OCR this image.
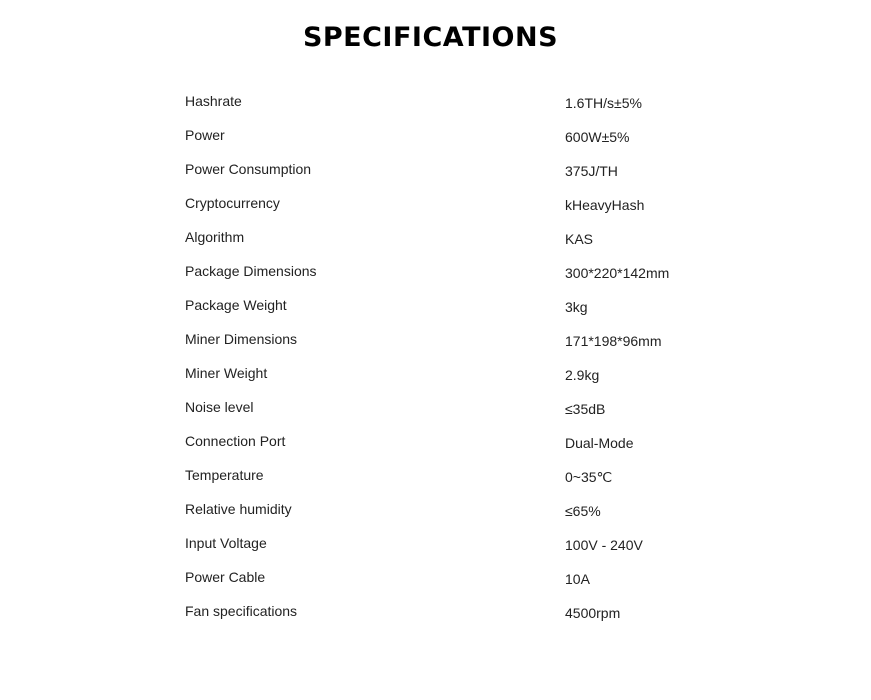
SPECIFICATIONS
Hashrate	1.6TH/s±5%
Power	600W±5%
Power Consumption	375J/TH
Cryptocurrency	kHeavyHash
Algorithm	KAS
Package Dimensions	300*220*142mm
Package Weight	3kg
Miner Dimensions	171*198*96mm
Miner Weight	2.9kg
Noise level	≤35dB
Connection Port	Dual-Mode
Temperature	0~35℃
Relative humidity	≤65%
Input Voltage	100V - 240V
Power Cable	10A
Fan specifications	4500rpm
